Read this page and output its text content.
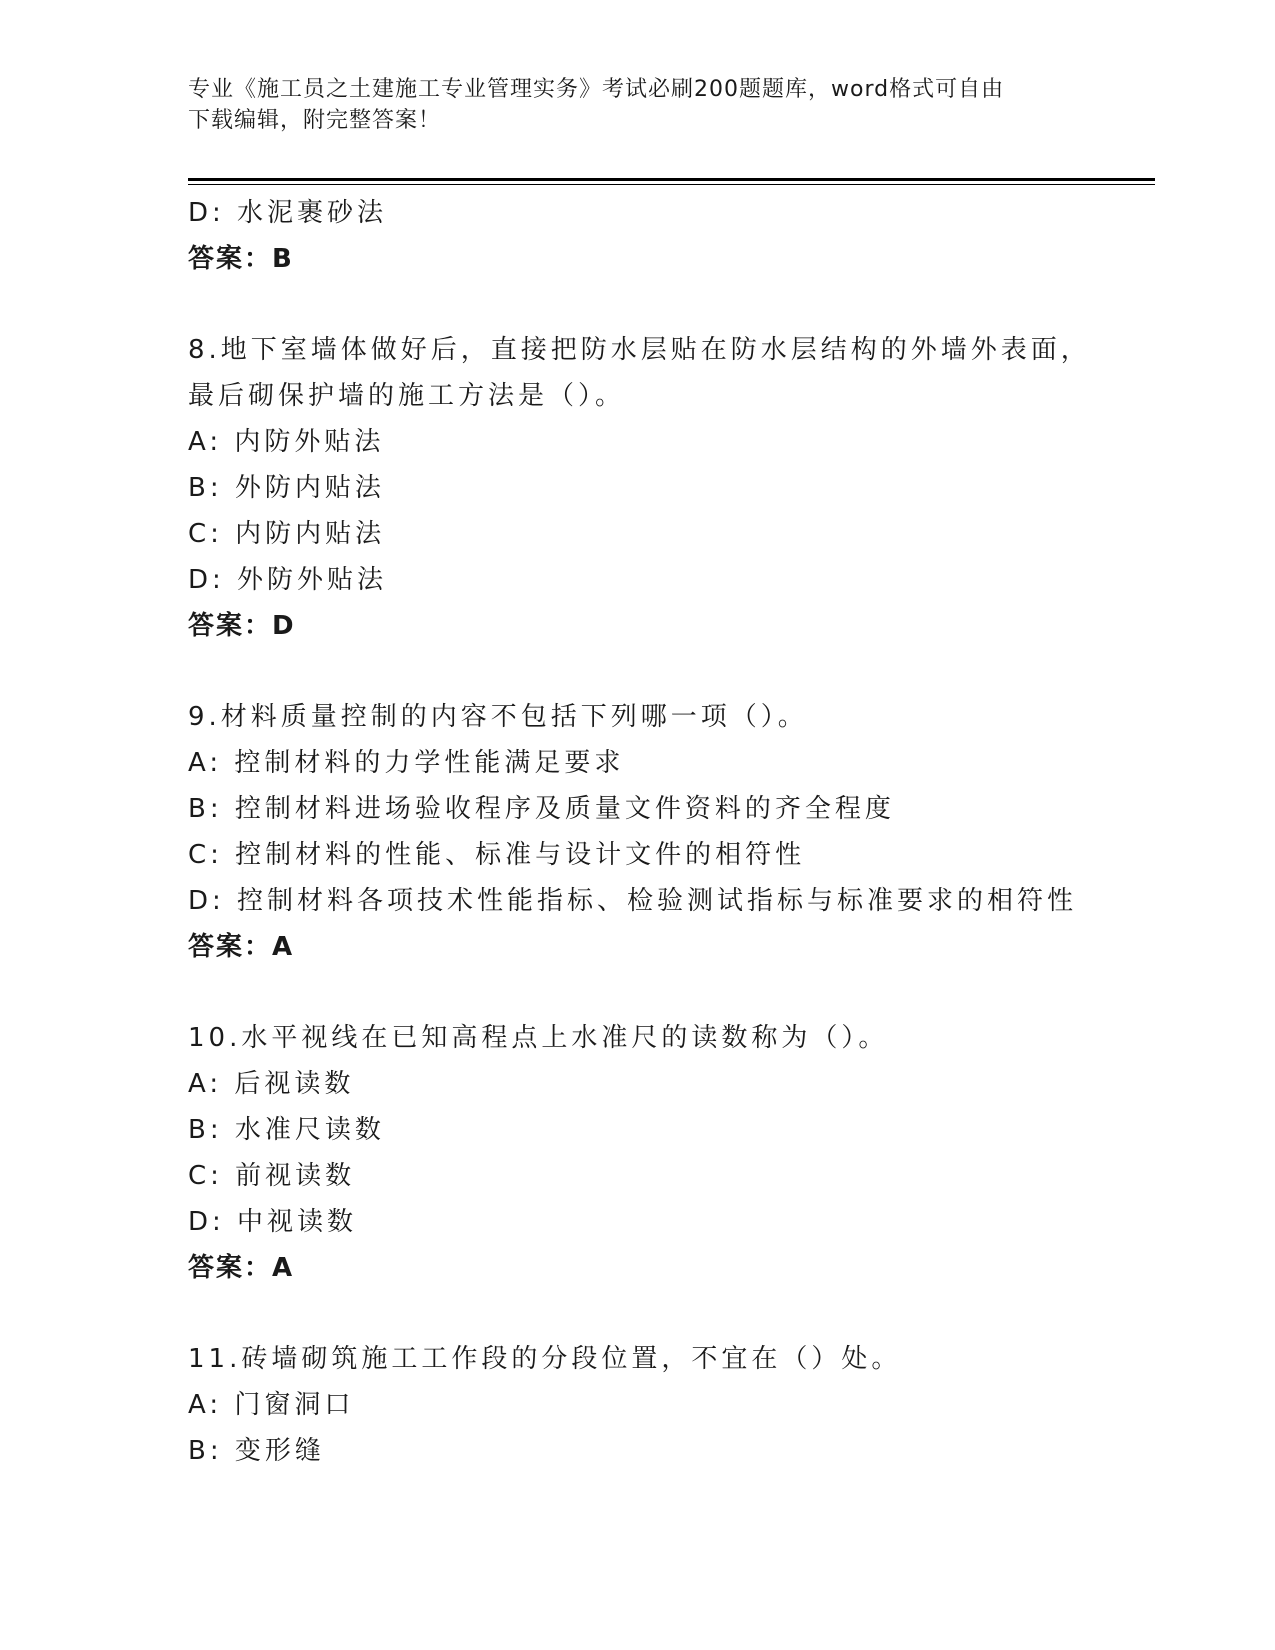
专业《施工员之土建施工专业管理实务》考试必刷200题题库，word格式可自由
下载编辑，附完整答案！
D: 水泥裹砂法
答案：B
8.地下室墙体做好后，直接把防水层贴在防水层结构的外墙外表面，
最后砌保护墙的施工方法是（）。
A: 内防外贴法
B: 外防内贴法
C: 内防内贴法
D: 外防外贴法
答案：D
9.材料质量控制的内容不包括下列哪一项（）。
A: 控制材料的力学性能满足要求
B: 控制材料进场验收程序及质量文件资料的齐全程度
C: 控制材料的性能、标准与设计文件的相符性
D: 控制材料各项技术性能指标、检验测试指标与标准要求的相符性
答案：A
10.水平视线在已知高程点上水准尺的读数称为（）。
A: 后视读数
B: 水准尺读数
C: 前视读数
D: 中视读数
答案：A
11.砖墙砌筑施工工作段的分段位置，不宜在（）处。
A: 门窗洞口
B: 变形缝
